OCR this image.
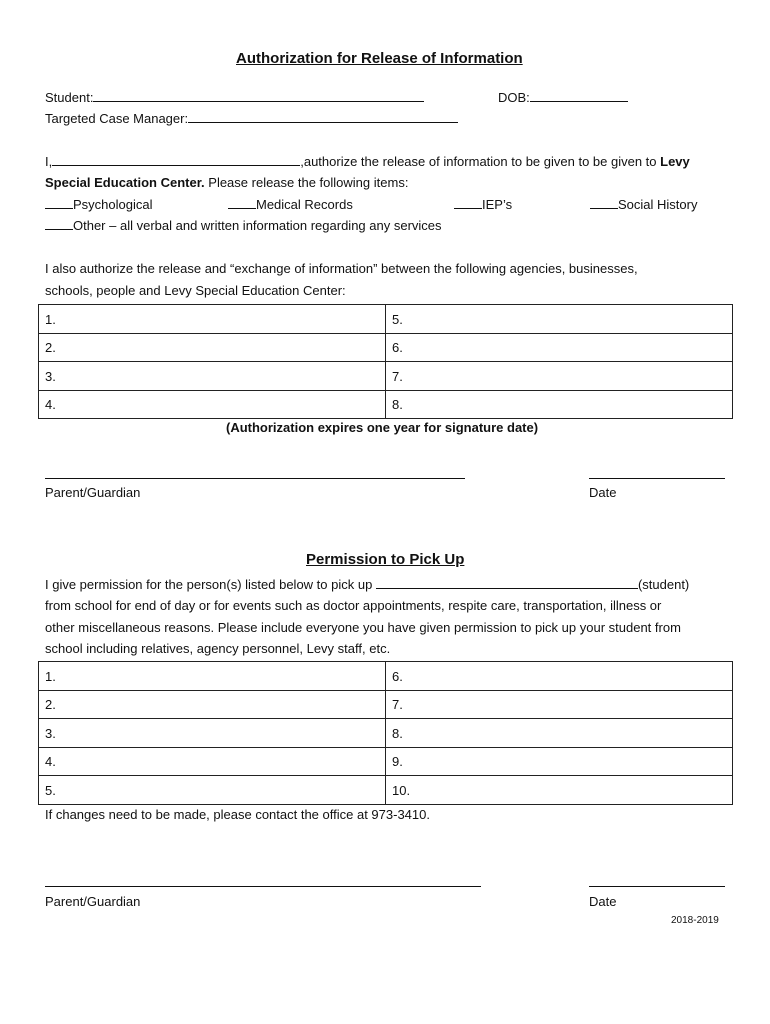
Authorization for Release of Information
Student:	DOB:
Targeted Case Manager:
I,	,authorize the release of information to be given to be given to Levy
Special Education Center. Please release the following items:
Psychological	Medical Records	IEP’s	Social History
Other – all verbal and written information regarding any services
I also authorize the release and “exchange of information” between the following agencies, businesses,
schools, people and Levy Special Education Center:
1.	5.
2.	6.
3.	7.
4.	8.
(Authorization expires one year for signature date)
Parent/Guardian	Date
Permission to Pick Up
I give permission for the person(s) listed below to pick up	(student)
from school for end of day or for events such as doctor appointments, respite care, transportation, illness or
other miscellaneous reasons. Please include everyone you have given permission to pick up your student from
school including relatives, agency personnel, Levy staff, etc.
1.	6.
2.	7.
3.	8.
4.	9.
5.	10.
If changes need to be made, please contact the office at 973-3410.
Parent/Guardian	Date
2018-2019
